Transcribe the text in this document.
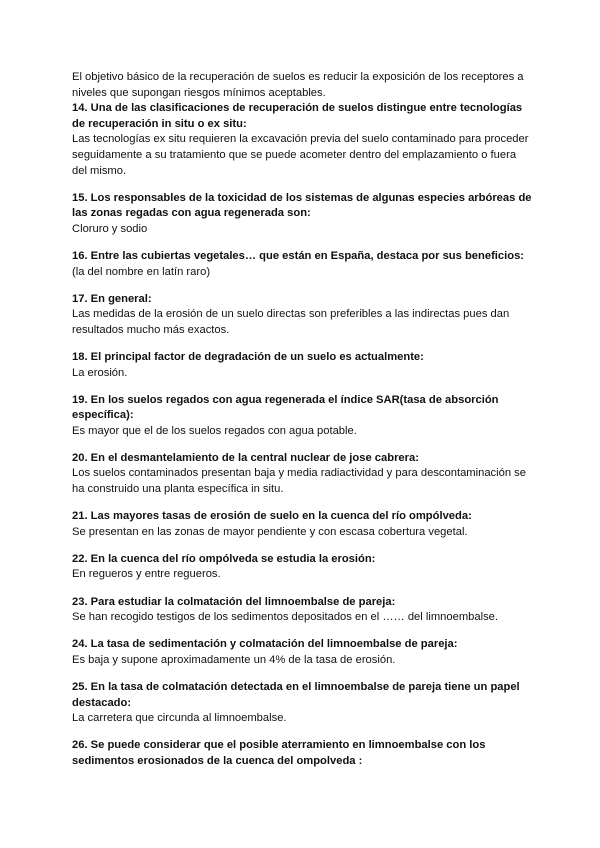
El objetivo básico de la recuperación de suelos es reducir la exposición de los receptores a niveles que supongan riesgos mínimos aceptables.

14. Una de las clasificaciones de recuperación de suelos distingue entre tecnologías de recuperación in situ o ex situ:

Las tecnologías ex situ requieren la excavación previa del suelo contaminado para proceder seguidamente a su tratamiento que se puede acometer dentro del emplazamiento o fuera del mismo.

15. Los responsables de la toxicidad de los sistemas de algunas especies arbóreas de las zonas regadas con agua regenerada son:

Cloruro y sodio

16. Entre las cubiertas vegetales… que están en España, destaca por sus beneficios:

(la del nombre en latín raro)

17. En general:

Las medidas de la erosión de un suelo directas son preferibles a las indirectas pues dan resultados mucho más exactos.

18. El principal factor de degradación de un suelo es actualmente:

La erosión.

19. En los suelos regados con agua regenerada el índice SAR(tasa de absorción específica):

Es mayor que el de los suelos regados con agua potable.

20. En el desmantelamiento de la central nuclear de jose cabrera:

Los suelos contaminados presentan baja y media radiactividad y para descontaminación se ha construido una planta específica in situ.

21. Las mayores tasas de erosión de suelo en la cuenca del río ompólveda:

Se presentan en las zonas de mayor pendiente y con escasa cobertura vegetal.

22. En la cuenca del río ompólveda se estudia la erosión:

En regueros y entre regueros.

23. Para estudiar la colmatación del limnoembalse de pareja:

Se han recogido testigos de los sedimentos depositados en el …… del limnoembalse.

24. La tasa de sedimentación y colmatación del limnoembalse de pareja:

Es baja y supone aproximadamente un 4% de la tasa de erosión.

25. En la tasa de colmatación detectada en el limnoembalse de pareja tiene un papel destacado:

La carretera que circunda al limnoembalse.

26. Se puede considerar que el posible aterramiento en limnoembalse con los sedimentos erosionados de la cuenca del ompolveda :
